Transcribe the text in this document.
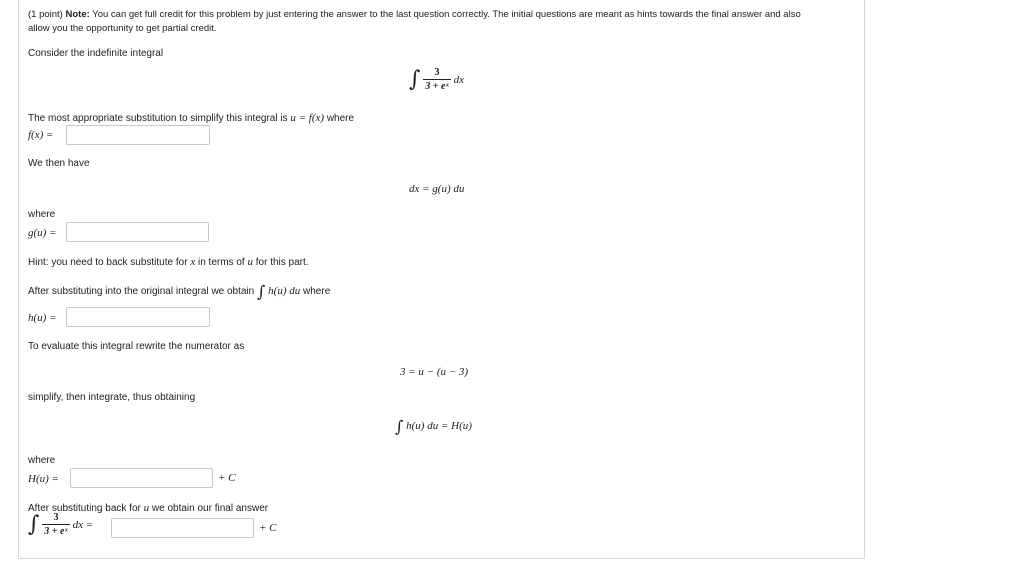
(1 point) Note: You can get full credit for this problem by just entering the answer to the last question correctly. The initial questions are meant as hints towards the final answer and also
allow you the opportunity to get partial credit.
Consider the indefinite integral
∫ $\frac{3}{\text{3 + eˣ}}$ dx
The most appropriate substitution to simplify this integral is u = f(x) where
f(x) =
We then have
dx = g(u) du
where
g(u) =
Hint: you need to back substitute for x in terms of u for this part.
After substituting into the original integral we obtain ∫ h(u) du where
h(u) =
To evaluate this integral rewrite the numerator as
3 = u − (u − 3)
simplify, then integrate, thus obtaining
∫ h(u) du = H(u)
where
H(u) =	+ C
After substituting back for u we obtain our final answer
∫ $\frac{3}{\text{3 + eˣ}}$ dx =	+ C
